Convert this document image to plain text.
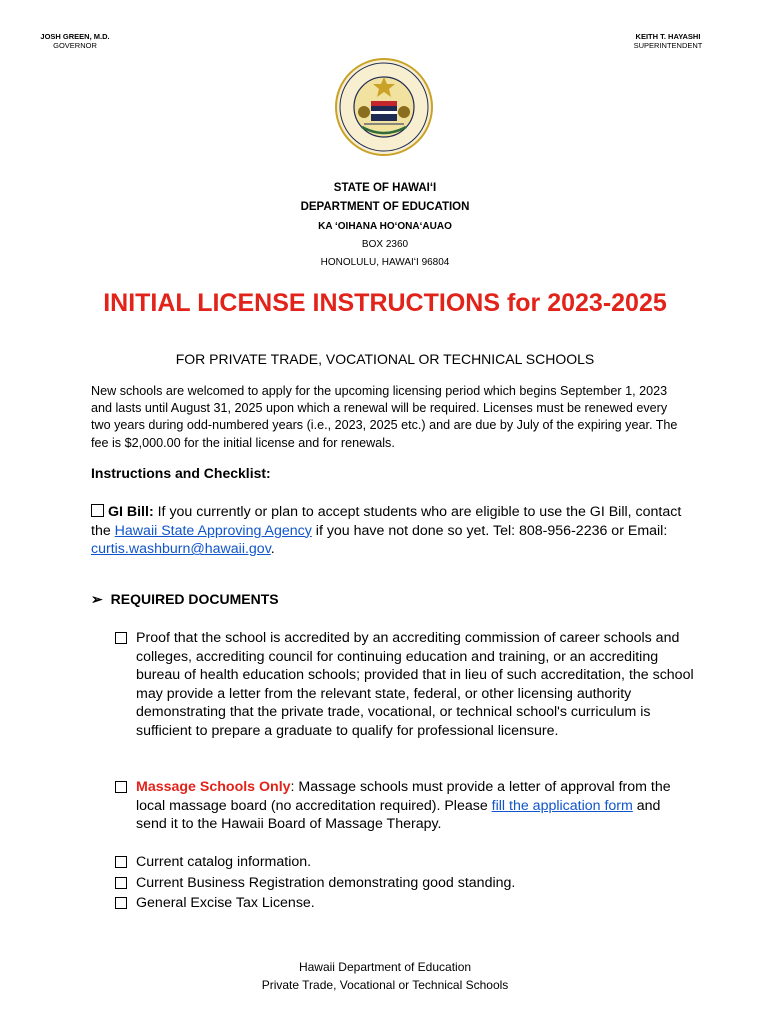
JOSH GREEN, M.D.
GOVERNOR
KEITH T. HAYASHI
SUPERINTENDENT
STATE OF HAWAIʻI
DEPARTMENT OF EDUCATION
KA ʻOIHANA HOʻONAʻAUAO
BOX 2360
HONOLULU, HAWAIʻI 96804
INITIAL LICENSE INSTRUCTIONS for 2023-2025
FOR PRIVATE TRADE, VOCATIONAL OR TECHNICAL SCHOOLS
New schools are welcomed to apply for the upcoming licensing period which begins September 1, 2023 and lasts until August 31, 2025 upon which a renewal will be required. Licenses must be renewed every two years during odd-numbered years (i.e., 2023, 2025 etc.) and are due by July of the expiring year. The fee is $2,000.00 for the initial license and for renewals.
Instructions and Checklist:
GI Bill: If you currently or plan to accept students who are eligible to use the GI Bill, contact the Hawaii State Approving Agency if you have not done so yet. Tel: 808-956-2236 or Email: curtis.washburn@hawaii.gov.
➢ REQUIRED DOCUMENTS
Proof that the school is accredited by an accrediting commission of career schools and colleges, accrediting council for continuing education and training, or an accrediting bureau of health education schools; provided that in lieu of such accreditation, the school may provide a letter from the relevant state, federal, or other licensing authority demonstrating that the private trade, vocational, or technical school's curriculum is sufficient to prepare a graduate to qualify for professional licensure.
Massage Schools Only: Massage schools must provide a letter of approval from the local massage board (no accreditation required). Please fill the application form and send it to the Hawaii Board of Massage Therapy.
Current catalog information.
Current Business Registration demonstrating good standing.
General Excise Tax License.
Hawaii Department of Education
Private Trade, Vocational or Technical Schools
